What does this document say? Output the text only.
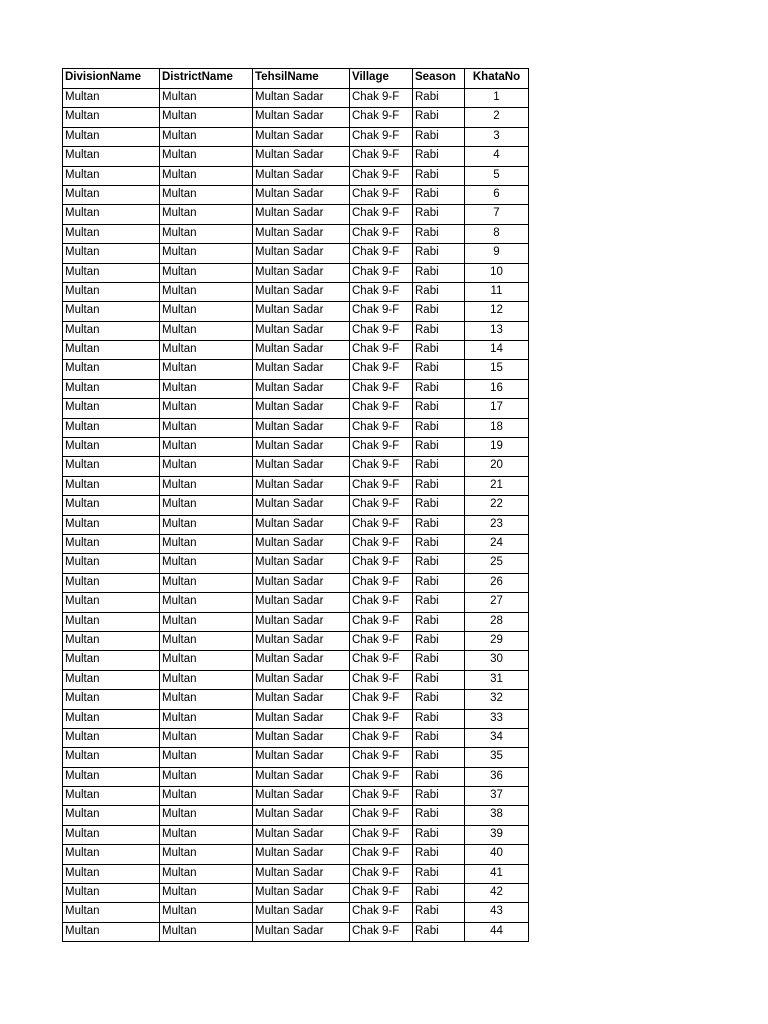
DivisionName	DistrictName	TehsilName	Village	Season	KhataNo
Multan	Multan	Multan Sadar	Chak 9-F	Rabi	1
Multan	Multan	Multan Sadar	Chak 9-F	Rabi	2
Multan	Multan	Multan Sadar	Chak 9-F	Rabi	3
Multan	Multan	Multan Sadar	Chak 9-F	Rabi	4
Multan	Multan	Multan Sadar	Chak 9-F	Rabi	5
Multan	Multan	Multan Sadar	Chak 9-F	Rabi	6
Multan	Multan	Multan Sadar	Chak 9-F	Rabi	7
Multan	Multan	Multan Sadar	Chak 9-F	Rabi	8
Multan	Multan	Multan Sadar	Chak 9-F	Rabi	9
Multan	Multan	Multan Sadar	Chak 9-F	Rabi	10
Multan	Multan	Multan Sadar	Chak 9-F	Rabi	11
Multan	Multan	Multan Sadar	Chak 9-F	Rabi	12
Multan	Multan	Multan Sadar	Chak 9-F	Rabi	13
Multan	Multan	Multan Sadar	Chak 9-F	Rabi	14
Multan	Multan	Multan Sadar	Chak 9-F	Rabi	15
Multan	Multan	Multan Sadar	Chak 9-F	Rabi	16
Multan	Multan	Multan Sadar	Chak 9-F	Rabi	17
Multan	Multan	Multan Sadar	Chak 9-F	Rabi	18
Multan	Multan	Multan Sadar	Chak 9-F	Rabi	19
Multan	Multan	Multan Sadar	Chak 9-F	Rabi	20
Multan	Multan	Multan Sadar	Chak 9-F	Rabi	21
Multan	Multan	Multan Sadar	Chak 9-F	Rabi	22
Multan	Multan	Multan Sadar	Chak 9-F	Rabi	23
Multan	Multan	Multan Sadar	Chak 9-F	Rabi	24
Multan	Multan	Multan Sadar	Chak 9-F	Rabi	25
Multan	Multan	Multan Sadar	Chak 9-F	Rabi	26
Multan	Multan	Multan Sadar	Chak 9-F	Rabi	27
Multan	Multan	Multan Sadar	Chak 9-F	Rabi	28
Multan	Multan	Multan Sadar	Chak 9-F	Rabi	29
Multan	Multan	Multan Sadar	Chak 9-F	Rabi	30
Multan	Multan	Multan Sadar	Chak 9-F	Rabi	31
Multan	Multan	Multan Sadar	Chak 9-F	Rabi	32
Multan	Multan	Multan Sadar	Chak 9-F	Rabi	33
Multan	Multan	Multan Sadar	Chak 9-F	Rabi	34
Multan	Multan	Multan Sadar	Chak 9-F	Rabi	35
Multan	Multan	Multan Sadar	Chak 9-F	Rabi	36
Multan	Multan	Multan Sadar	Chak 9-F	Rabi	37
Multan	Multan	Multan Sadar	Chak 9-F	Rabi	38
Multan	Multan	Multan Sadar	Chak 9-F	Rabi	39
Multan	Multan	Multan Sadar	Chak 9-F	Rabi	40
Multan	Multan	Multan Sadar	Chak 9-F	Rabi	41
Multan	Multan	Multan Sadar	Chak 9-F	Rabi	42
Multan	Multan	Multan Sadar	Chak 9-F	Rabi	43
Multan	Multan	Multan Sadar	Chak 9-F	Rabi	44
